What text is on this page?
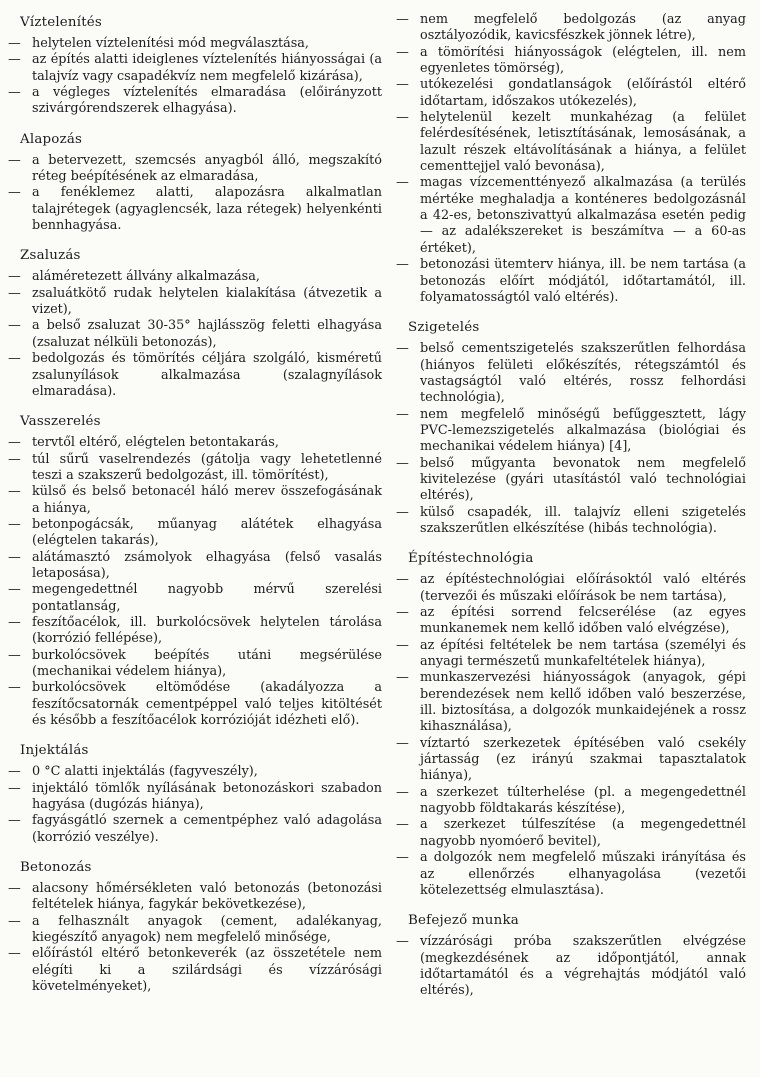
Víztelenítés
— helytelen víztelenítési mód megválasztása,
— az építés alatti ideiglenes víztelenítés hiányosságai (a talajvíz vagy csapadékvíz nem megfelelő kizárása),
— a végleges víztelenítés elmaradása (előirányzott szivárgórendszerek elhagyása).
Alapozás
— a betervezett, szemcsés anyagból álló, megszakító réteg beépítésének az elmaradása,
— a fenéklemez alatti, alapozásra alkalmatlan talajrétegek (agyaglencsék, laza rétegek) helyenkénti bennhagyása.
Zsaluzás
— aláméretezett állvány alkalmazása,
— zsaluátkötő rudak helytelen kialakítása (átvezetik a vizet),
— a belső zsaluzat 30-35° hajlásszög feletti elhagyása (zsaluzat nélküli betonozás),
— bedolgozás és tömörítés céljára szolgáló, kisméretű zsalunyílások alkalmazása (szalagnyílások elmaradása).
Vasszerelés
— tervtől eltérő, elégtelen betontakarás,
— túl sűrű vaselrendezés (gátolja vagy lehetetlenné teszi a szakszerű bedolgozást, ill. tömörítést),
— külső és belső betonacél háló merev összefogásának a hiánya,
— betonpogácsák, műanyag alátétek elhagyása (elégtelen takarás),
— alátámasztó zsámolyok elhagyása (felső vasalás letaposása),
— megengedettnél nagyobb mérvű szerelési pontatlanság,
— feszítőacélok, ill. burkolócsövek helytelen tárolása (korrózió fellépése),
— burkolócsövek beépítés utáni megsérülése (mechanikai védelem hiánya),
— burkolócsövek eltömődése (akadályozza a feszítőcsatornák cementpéppel való teljes kitöltését és később a feszítőacélok korrózióját idézheti elő).
Injektálás
— 0 °C alatti injektálás (fagyveszély),
— injektáló tömlők nyílásának betonozáskori szabadon hagyása (dugózás hiánya),
— fagyásgátló szernek a cementpéphez való adagolása (korrózió veszélye).
Betonozás
— alacsony hőmérsékleten való betonozás (betonozási feltételek hiánya, fagykár bekövetkezése),
— a felhasznált anyagok (cement, adalékanyag, kiegészítő anyagok) nem megfelelő minősége,
— előírástól eltérő betonkeverék (az összetétele nem elégíti ki a szilárdsági és vízzárósági követelményeket),
— nem megfelelő bedolgozás (az anyag osztályozódik, kavicsfészkek jönnek létre),
— a tömörítési hiányosságok (elégtelen, ill. nem egyenletes tömörség),
— utókezelési gondatlanságok (előírástól eltérő időtartam, időszakos utókezelés),
— helytelenül kezelt munkahézag (a felület felérdesítésének, letisztításának, lemosásának, a lazult részek eltávolításának a hiánya, a felület cementtejjel való bevonása),
— magas vízcementtényező alkalmazása (a terülés mértéke meghaladja a konténeres bedolgozásnál a 42-es, betonszivattyú alkalmazása esetén pedig — az adalékszereket is beszámítva — a 60-as értéket),
— betonozási ütemterv hiánya, ill. be nem tartása (a betonozás előírt módjától, időtartamától, ill. folyamatosságtól való eltérés).
Szigetelés
— belső cementszigetelés szakszerűtlen felhordása (hiányos felületi előkészítés, rétegszámtól és vastagságtól való eltérés, rossz felhordási technológia),
— nem megfelelő minőségű befűggesztett, lágy PVC-lemezszigetelés alkalmazása (biológiai és mechanikai védelem hiánya) [4],
— belső műgyanta bevonatok nem megfelelő kivitelezése (gyári utasítástól való technológiai eltérés),
— külső csapadék, ill. talajvíz elleni szigetelés szakszerűtlen elkészítése (hibás technológia).
Építéstechnológia
— az építéstechnológiai előírásoktól való eltérés (tervezői és műszaki előírások be nem tartása),
— az építési sorrend felcserélése (az egyes munkanemek nem kellő időben való elvégzése),
— az építési feltételek be nem tartása (személyi és anyagi természetű munkafeltételek hiánya),
— munkaszervezési hiányosságok (anyagok, gépi berendezések nem kellő időben való beszerzése, ill. biztosítása, a dolgozók munkaidejének a rossz kihasználása),
— víztartó szerkezetek építésében való csekély jártasság (ez irányú szakmai tapasztalatok hiánya),
— a szerkezet túlterhelése (pl. a megengedettnél nagyobb földtakarás készítése),
— a szerkezet túlfeszítése (a megengedettnél nagyobb nyomóerő bevitel),
— a dolgozók nem megfelelő műszaki irányítása és az ellenőrzés elhanyagolása (vezetői kötelezettség elmulasztása).
Befejező munka
— vízzárósági próba szakszerűtlen elvégzése (megkezdésének az időpontjától, annak időtartamától és a végrehajtás módjától való eltérés),
